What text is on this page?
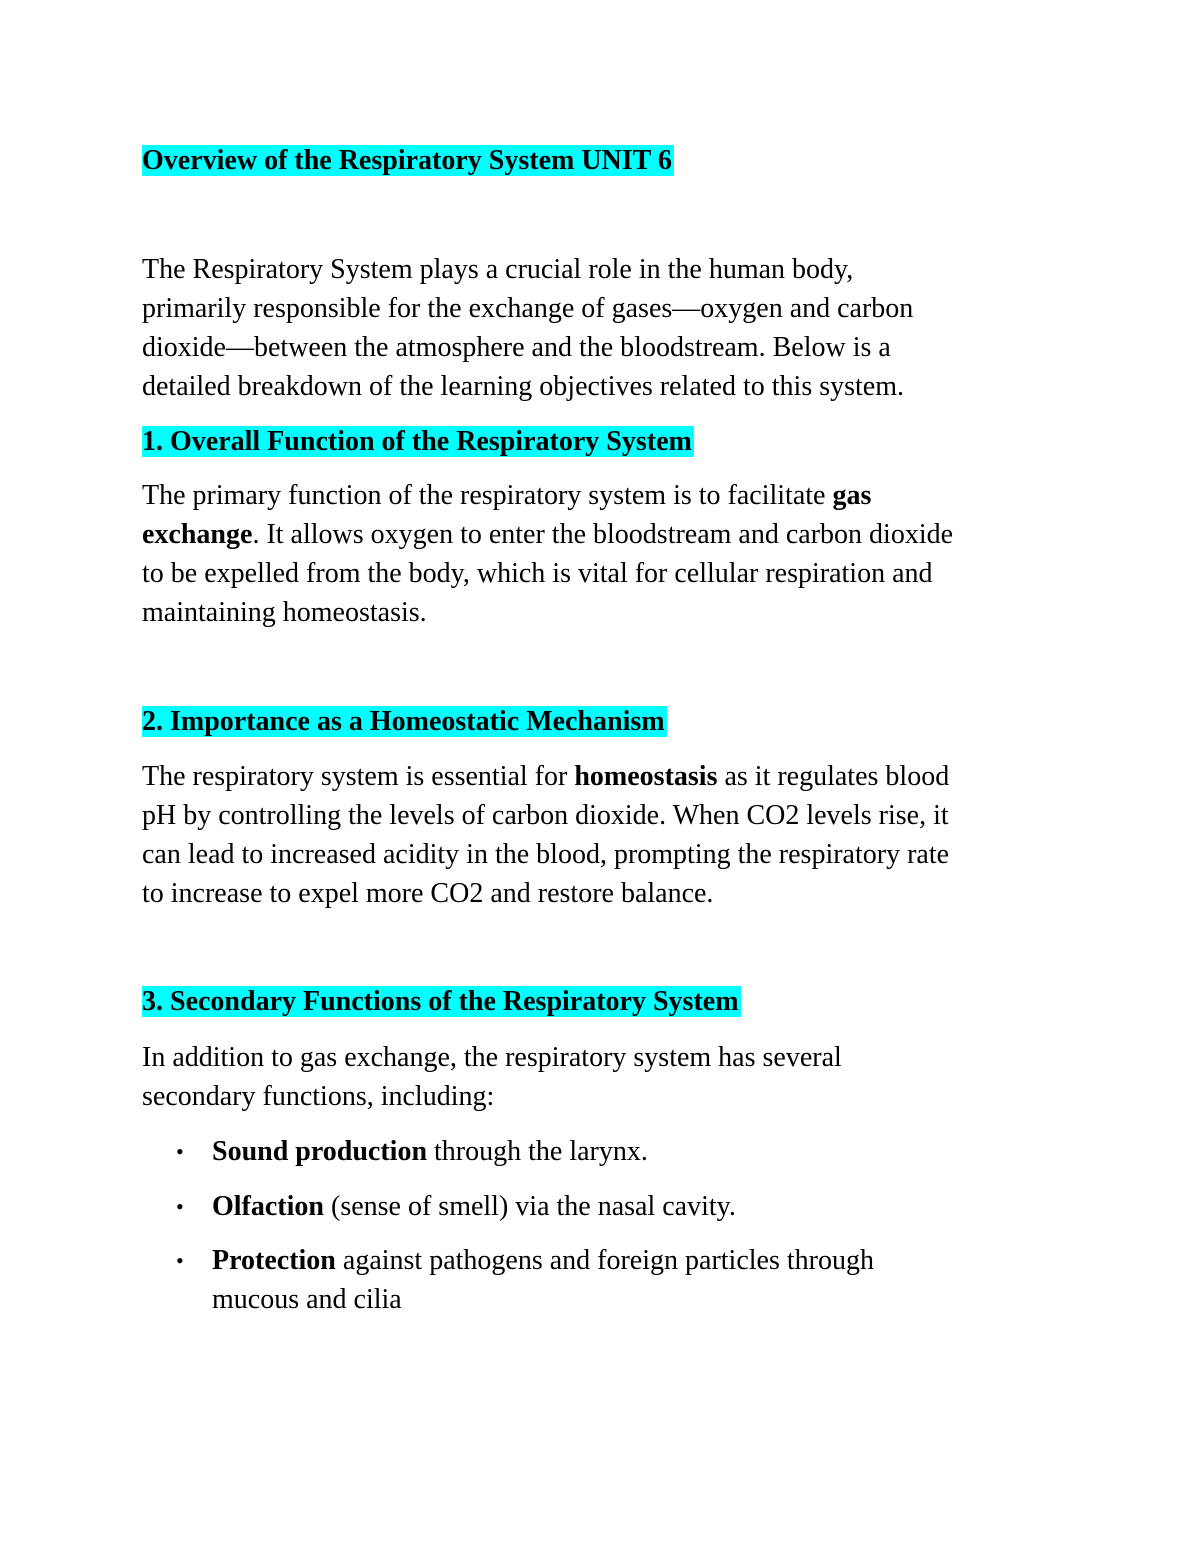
Overview of the Respiratory System UNIT 6
The Respiratory System plays a crucial role in the human body,
primarily responsible for the exchange of gases—oxygen and carbon
dioxide—between the atmosphere and the bloodstream. Below is a
detailed breakdown of the learning objectives related to this system.
1. Overall Function of the Respiratory System
The primary function of the respiratory system is to facilitate gas
exchange. It allows oxygen to enter the bloodstream and carbon dioxide
to be expelled from the body, which is vital for cellular respiration and
maintaining homeostasis.
2. Importance as a Homeostatic Mechanism
The respiratory system is essential for homeostasis as it regulates blood
pH by controlling the levels of carbon dioxide. When CO2 levels rise, it
can lead to increased acidity in the blood, prompting the respiratory rate
to increase to expel more CO2 and restore balance.
3. Secondary Functions of the Respiratory System
In addition to gas exchange, the respiratory system has several
secondary functions, including:
• Sound production through the larynx.
• Olfaction (sense of smell) via the nasal cavity.
• Protection against pathogens and foreign particles through
mucous and cilia
